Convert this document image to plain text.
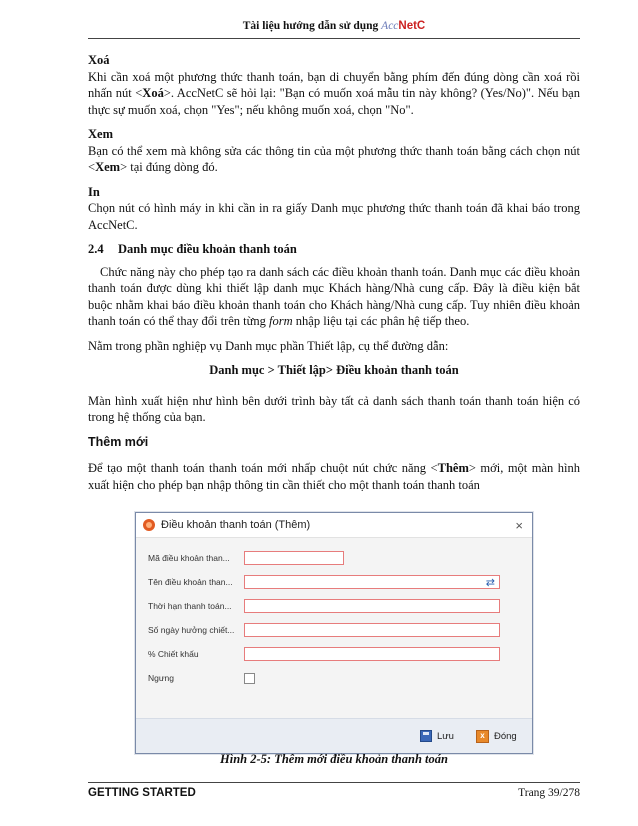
Tài liệu hướng dẫn sử dụng AccNetC

Xoá

Khi cần xoá một phương thức thanh toán, bạn di chuyển bằng phím đến đúng dòng cần xoá rồi nhấn nút <Xoá>. AccNetC sẽ hỏi lại: "Bạn có muốn xoá mẫu tin này không? (Yes/No)". Nếu bạn thực sự muốn xoá, chọn "Yes"; nếu không muốn xoá, chọn "No".

Xem

Bạn có thể xem mà không sửa các thông tin của một phương thức thanh toán bằng cách chọn nút <Xem> tại đúng dòng đó.

In

Chọn nút có hình máy in khi cần in ra giấy Danh mục phương thức thanh toán đã khai báo trong AccNetC.

2.4	Danh mục điều khoản thanh toán

Chức năng này cho phép tạo ra danh sách các điều khoản thanh toán. Danh mục các điều khoản thanh toán được dùng khi thiết lập danh mục Khách hàng/Nhà cung cấp. Đây là điều kiện bắt buộc nhằm khai báo điều khoản thanh toán cho Khách hàng/Nhà cung cấp. Tuy nhiên điều khoản thanh toán có thể thay đổi trên từng form nhập liệu tại các phân hệ tiếp theo.

Nằm trong phần nghiệp vụ Danh mục phần Thiết lập, cụ thể đường dẫn:

Danh mục > Thiết lập> Điều khoản thanh toán

Màn hình xuất hiện như hình bên dưới trình bày tất cả danh sách thanh toán thanh toán hiện có trong hệ thống của bạn.

Thêm mới

Để tạo một thanh toán thanh toán mới nhấp chuột nút chức năng <Thêm> mới, một màn hình xuất hiện cho phép bạn nhập thông tin cần thiết cho một thanh toán thanh toán

Điều khoản thanh toán (Thêm)	×
Mã điều khoản than...
Tên điều khoản than...	⇄
Thời hạn thanh toán...
Số ngày hưởng chiết...
% Chiết khấu
Ngưng
Lưu	x Đóng
Hình 2-5: Thêm mới điều khoản thanh toán
GETTING STARTED	Trang 39/278
